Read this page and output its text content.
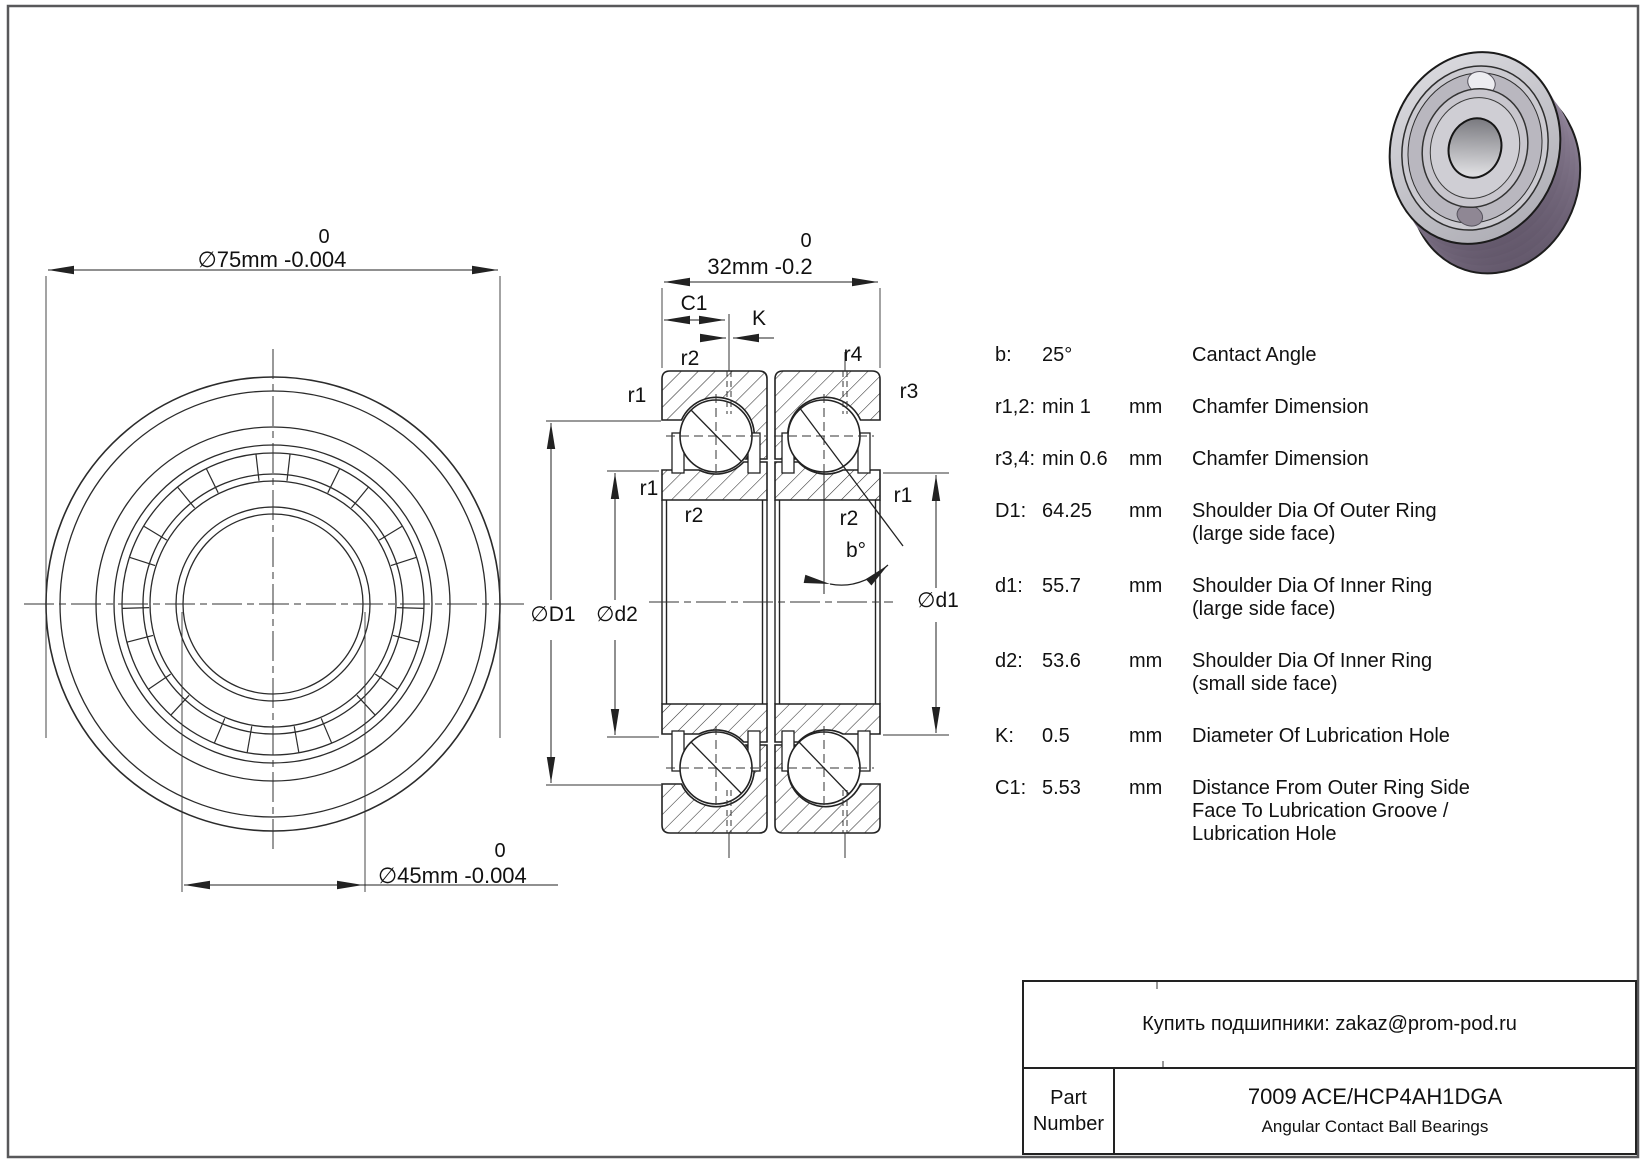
0
∅75mm -0.004
0
∅45mm -0.004
0
32mm -0.2
C1
K
r2	r4
r1	r3
r1	r1
r2	r2
b°
∅D1 ∅d2
∅d1
b:	25°	Cantact Angle
r1,2: min 1	mm	Chamfer Dimension
r3,4: min 0.6	mm	Chamfer Dimension
D1: 64.25	mm	Shoulder Dia Of Outer Ring
(large side face)
d1: 55.7	mm	Shoulder Dia Of Inner Ring
(large side face)
d2: 53.6	mm	Shoulder Dia Of Inner Ring
(small side face)
K:	0.5	mm	Diameter Of Lubrication Hole
C1: 5.53	mm	Distance From Outer Ring Side
Face To Lubrication Groove /
Lubrication Hole
Купить подшипники: zakaz@prom-pod.ru
Part
Number
7009 ACE/HCP4AH1DGA
Angular Contact Ball Bearings
